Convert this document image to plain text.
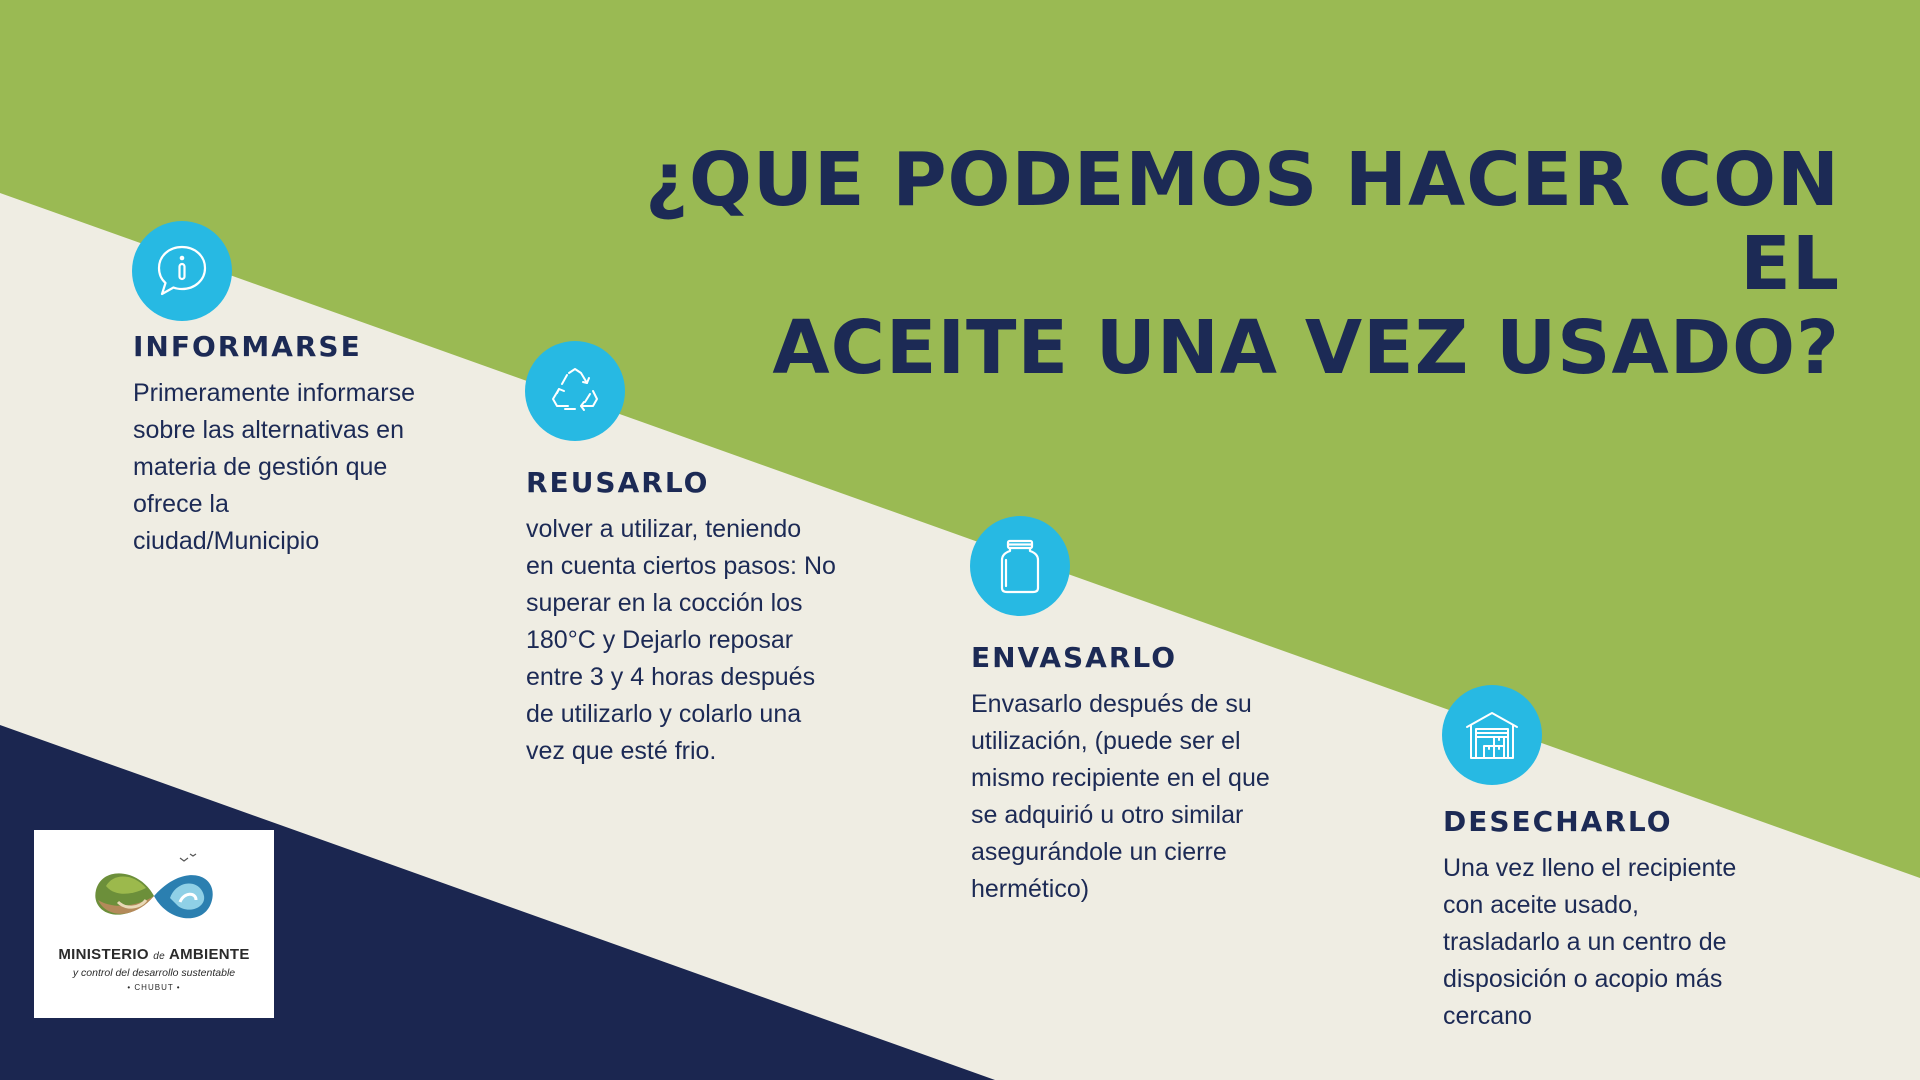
¿QUE PODEMOS HACER CON EL
ACEITE UNA VEZ USADO?
INFORMARSE
Primeramente informarse
sobre las alternativas en
materia de gestión que
ofrece la
ciudad/Municipio
REUSARLO
volver a utilizar, teniendo
en cuenta ciertos pasos: No
superar en la cocción los
180°C y Dejarlo reposar
entre 3 y 4 horas después
de utilizarlo y colarlo una
vez que esté frio.
ENVASARLO
Envasarlo después de su
utilización, (puede ser el
mismo recipiente en el que
se adquirió u otro similar
asegurándole un cierre
hermético)
DESECHARLO
Una vez lleno el recipiente
con aceite usado,
trasladarlo a un centro de
disposición o acopio más
cercano
MINISTERIO de AMBIENTE
y control del desarrollo sustentable
• CHUBUT •
